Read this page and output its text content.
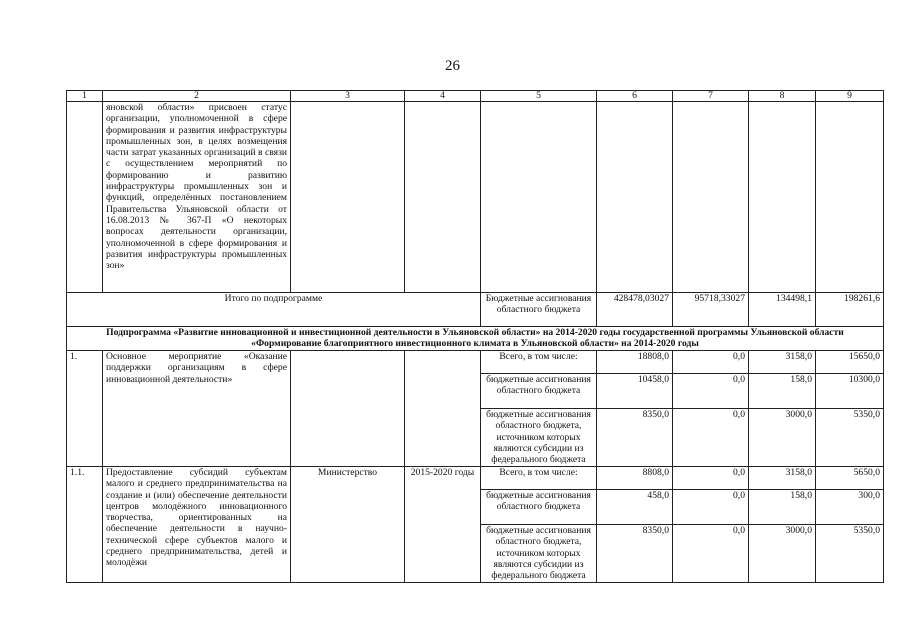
26
1	2	3	4	5	6	7	8	9
	яновской области» присвоен статус организации, уполномоченной в сфере формирования и развития инфраструктуры промышленных зон, в целях возмещения части затрат указанных организаций в связи с осуществлением мероприятий по формированию и развитию инфраструктуры промышленных зон и функций, определённых постановлением Правительства Ульяновской области от 16.08.2013 № 367-П «О некоторых вопросах деятельности организации, уполномоченной в сфере формирования и развития инфраструктуры промышленных зон»							
Итого по подпрограмме				Бюджетные ассигнования областного бюджета	428478,03027	95718,33027	134498,1	198261,6
Подпрограмма «Развитие инновационной и инвестиционной деятельности в Ульяновской области» на 2014-2020 годы государственной программы Ульяновской области «Формирование благоприятного инвестиционного климата в Ульяновской области» на 2014-2020 годы								
1.	Основное мероприятие «Оказание поддержки организациям в сфере инновационной деятельности»			Всего, в том числе:	18808,0	0,0	3158,0	15650,0
				бюджетные ассигнования областного бюджета	10458,0	0,0	158,0	10300,0
				бюджетные ассигнования областного бюджета, источником которых являются субсидии из федерального бюджета	8350,0	0,0	3000,0	5350,0
1.1.	Предоставление субсидий субъектам малого и среднего предпринимательства на создание и (или) обеспечение деятельности центров молодёжного инновационного творчества, ориентированных на обеспечение деятельности в научно-технической сфере субъектов малого и среднего предпринимательства, детей и молодёжи	Министерство	2015-2020 годы	Всего, в том числе:	8808,0	0,0	3158,0	5650,0
				бюджетные ассигнования областного бюджета	458,0	0,0	158,0	300,0
				бюджетные ассигнования областного бюджета, источником которых являются субсидии из федерального бюджета	8350,0	0,0	3000,0	5350,0
